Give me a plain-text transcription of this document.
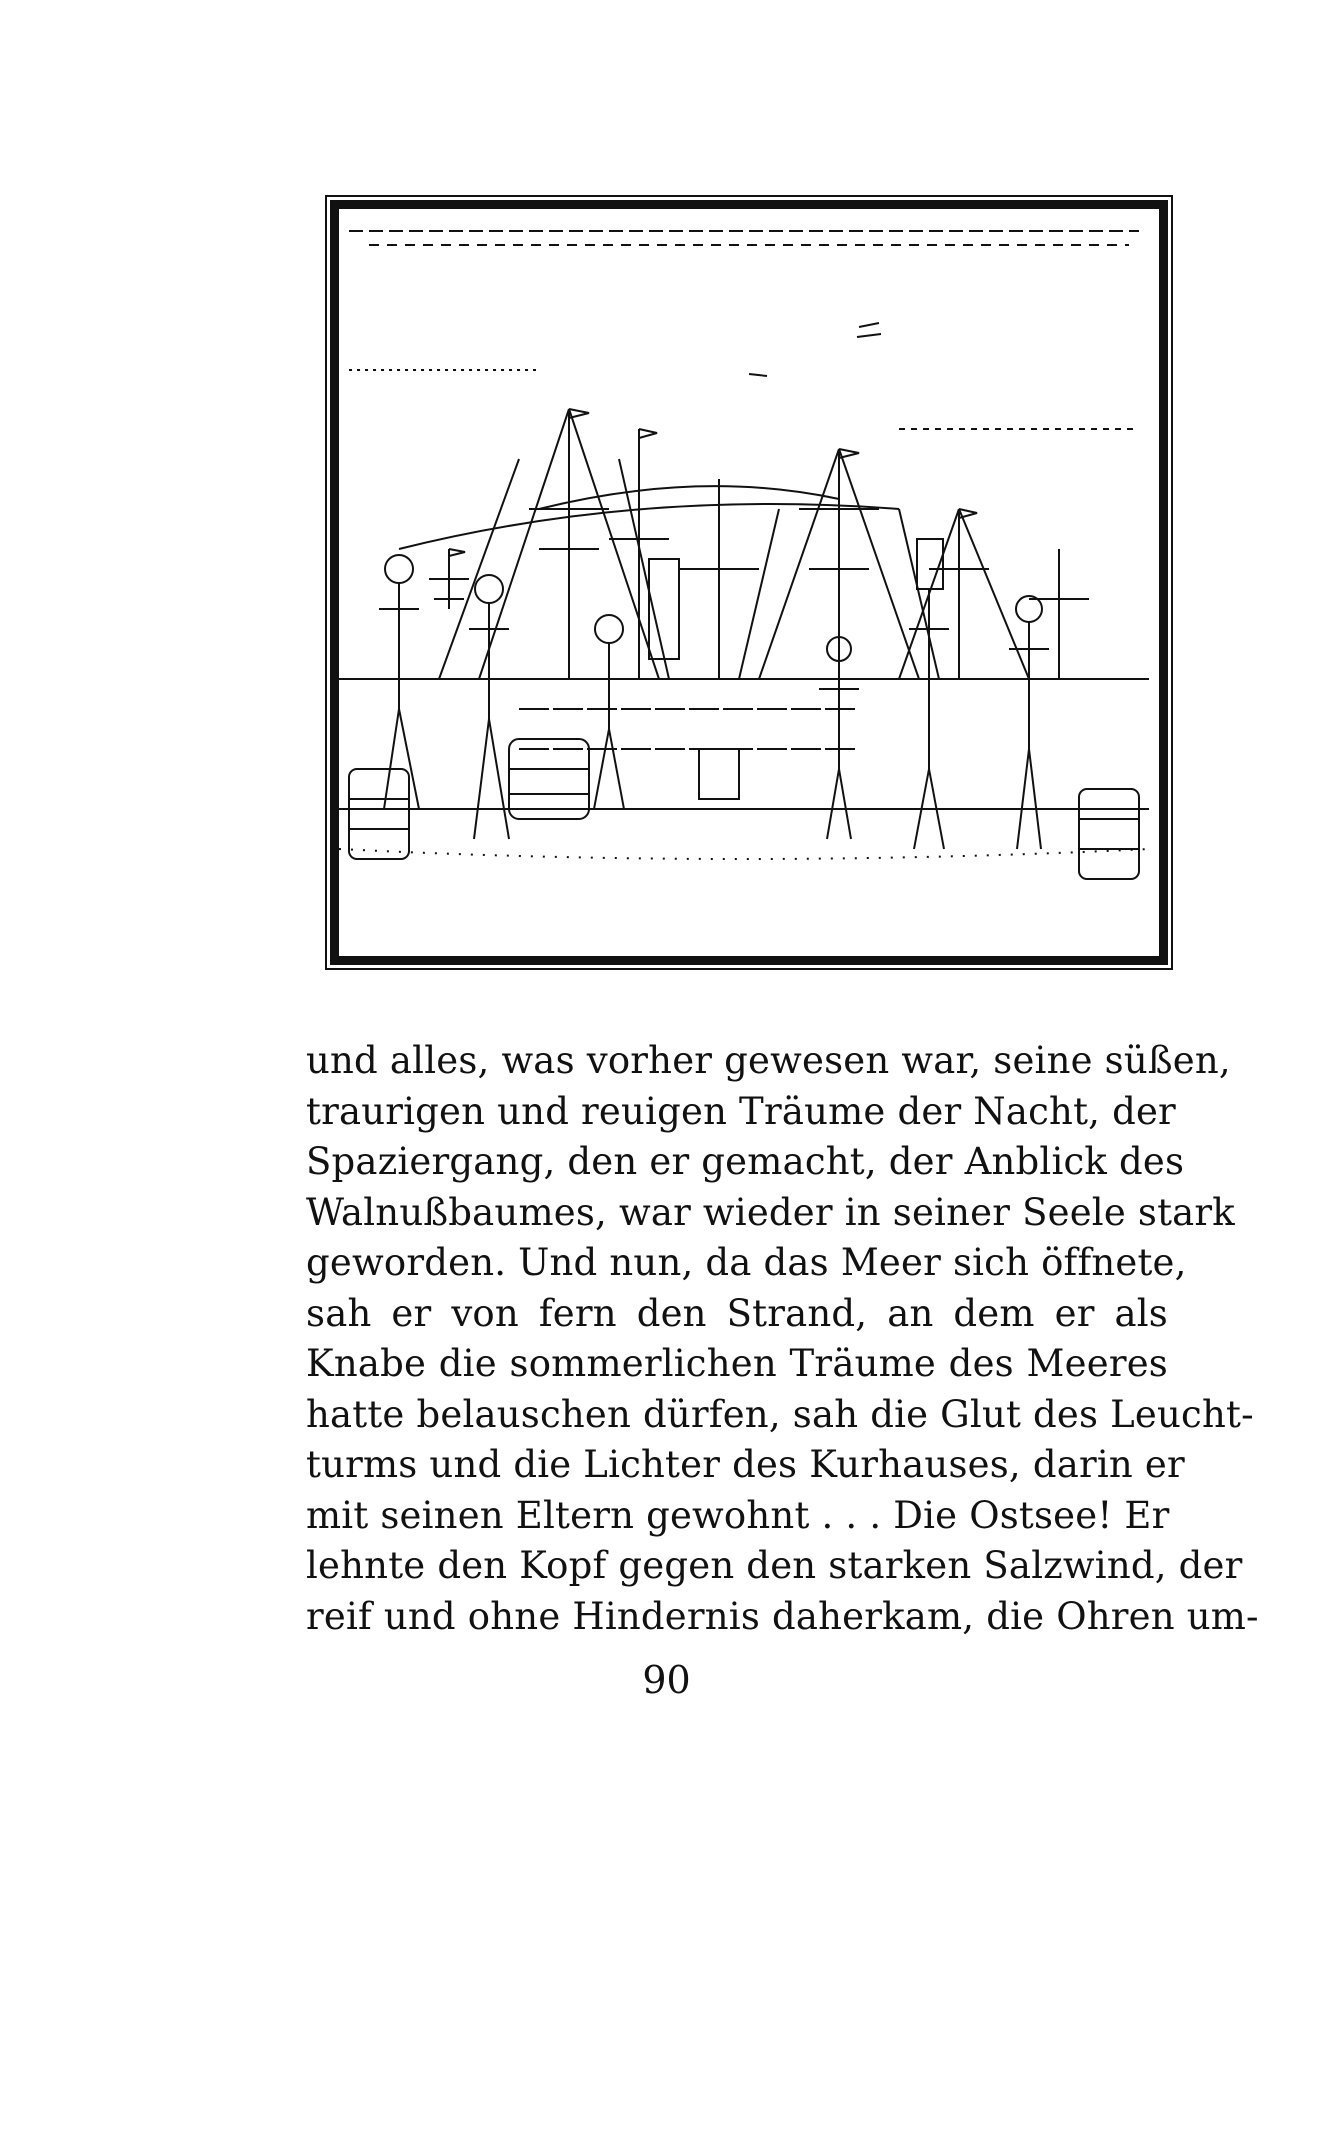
und alles, was vorher gewesen war, seine süßen,
traurigen und reuigen Träume der Nacht, der
Spaziergang, den er gemacht, der Anblick des
Walnußbaumes, war wieder in seiner Seele stark
geworden. Und nun, da das Meer sich öffnete,
sah er von fern den Strand, an dem er als
Knabe die sommerlichen Träume des Meeres
hatte belauschen dürfen, sah die Glut des Leucht-
turms und die Lichter des Kurhauses, darin er
mit seinen Eltern gewohnt . . . Die Ostsee! Er
lehnte den Kopf gegen den starken Salzwind, der
reif und ohne Hindernis daherkam, die Ohren um-
90
